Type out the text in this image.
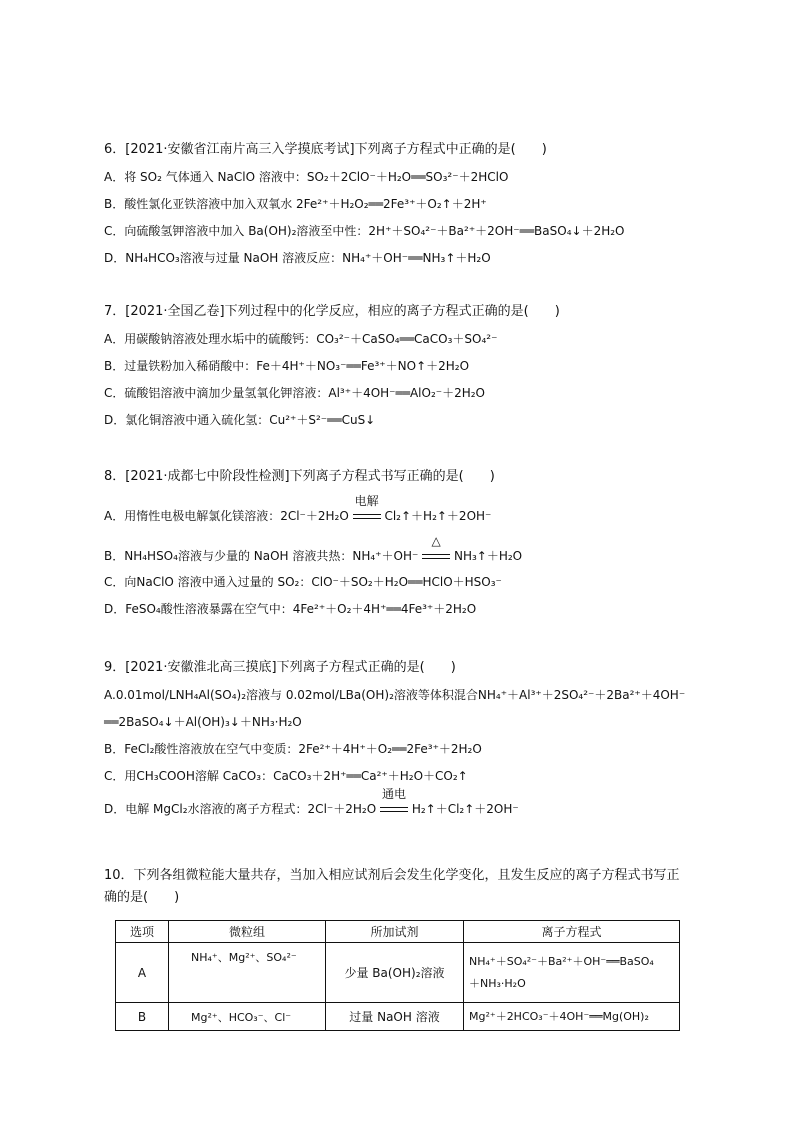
6．[2021·安徽省江南片高三入学摸底考试]下列离子方程式中正确的是(　　)
A．将 SO₂ 气体通入 NaClO 溶液中：SO₂＋2ClO⁻＋H₂O══SO₃²⁻＋2HClO
B．酸性氯化亚铁溶液中加入双氧水 2Fe²⁺＋H₂O₂══2Fe³⁺＋O₂↑＋2H⁺
C．向硫酸氢钾溶液中加入 Ba(OH)₂溶液至中性：2H⁺＋SO₄²⁻＋Ba²⁺＋2OH⁻══BaSO₄↓＋2H₂O
D．NH₄HCO₃溶液与过量 NaOH 溶液反应：NH₄⁺＋OH⁻══NH₃↑＋H₂O
7．[2021·全国乙卷]下列过程中的化学反应，相应的离子方程式正确的是(　　)
A．用碳酸钠溶液处理水垢中的硫酸钙：CO₃²⁻＋CaSO₄══CaCO₃＋SO₄²⁻
B．过量铁粉加入稀硝酸中：Fe＋4H⁺＋NO₃⁻══Fe³⁺＋NO↑＋2H₂O
C．硫酸铝溶液中滴加少量氢氧化钾溶液：Al³⁺＋4OH⁻══AlO₂⁻＋2H₂O
D．氯化铜溶液中通入硫化氢：Cu²⁺＋S²⁻══CuS↓
8．[2021·成都七中阶段性检测]下列离子方程式书写正确的是(　　)
A．用惰性电极电解氯化镁溶液：2Cl⁻＋2H₂O
电解
Cl₂↑＋H₂↑＋2OH⁻
B．NH₄HSO₄溶液与少量的 NaOH 溶液共热：NH₄⁺＋OH⁻
△
NH₃↑＋H₂O
C．向NaClO 溶液中通入过量的 SO₂：ClO⁻＋SO₂＋H₂O══HClO＋HSO₃⁻
D．FeSO₄酸性溶液暴露在空气中：4Fe²⁺＋O₂＋4H⁺══4Fe³⁺＋2H₂O
9．[2021·安徽淮北高三摸底]下列离子方程式正确的是(　　)
A.0.01mol/LNH₄Al(SO₄)₂溶液与 0.02mol/LBa(OH)₂溶液等体积混合NH₄⁺＋Al³⁺＋2SO₄²⁻＋2Ba²⁺＋4OH⁻
══2BaSO₄↓＋Al(OH)₃↓＋NH₃·H₂O
B．FeCl₂酸性溶液放在空气中变质：2Fe²⁺＋4H⁺＋O₂══2Fe³⁺＋2H₂O
C．用CH₃COOH溶解 CaCO₃：CaCO₃＋2H⁺══Ca²⁺＋H₂O＋CO₂↑
D．电解 MgCl₂水溶液的离子方程式：2Cl⁻＋2H₂O
通电
H₂↑＋Cl₂↑＋2OH⁻
10．下列各组微粒能大量共存，当加入相应试剂后会发生化学变化，且发生反应的离子方程式书写正
确的是(　　)
选项	微粒组	所加试剂	离子方程式
A	NH₄⁺、Mg²⁺、SO₄²⁻	少量 Ba(OH)₂溶液	NH₄⁺＋SO₄²⁻＋Ba²⁺＋OH⁻══BaSO₄
＋NH₃·H₂O

B	Mg²⁺、HCO₃⁻、Cl⁻	过量 NaOH 溶液	Mg²⁺＋2HCO₃⁻＋4OH⁻══Mg(OH)₂
